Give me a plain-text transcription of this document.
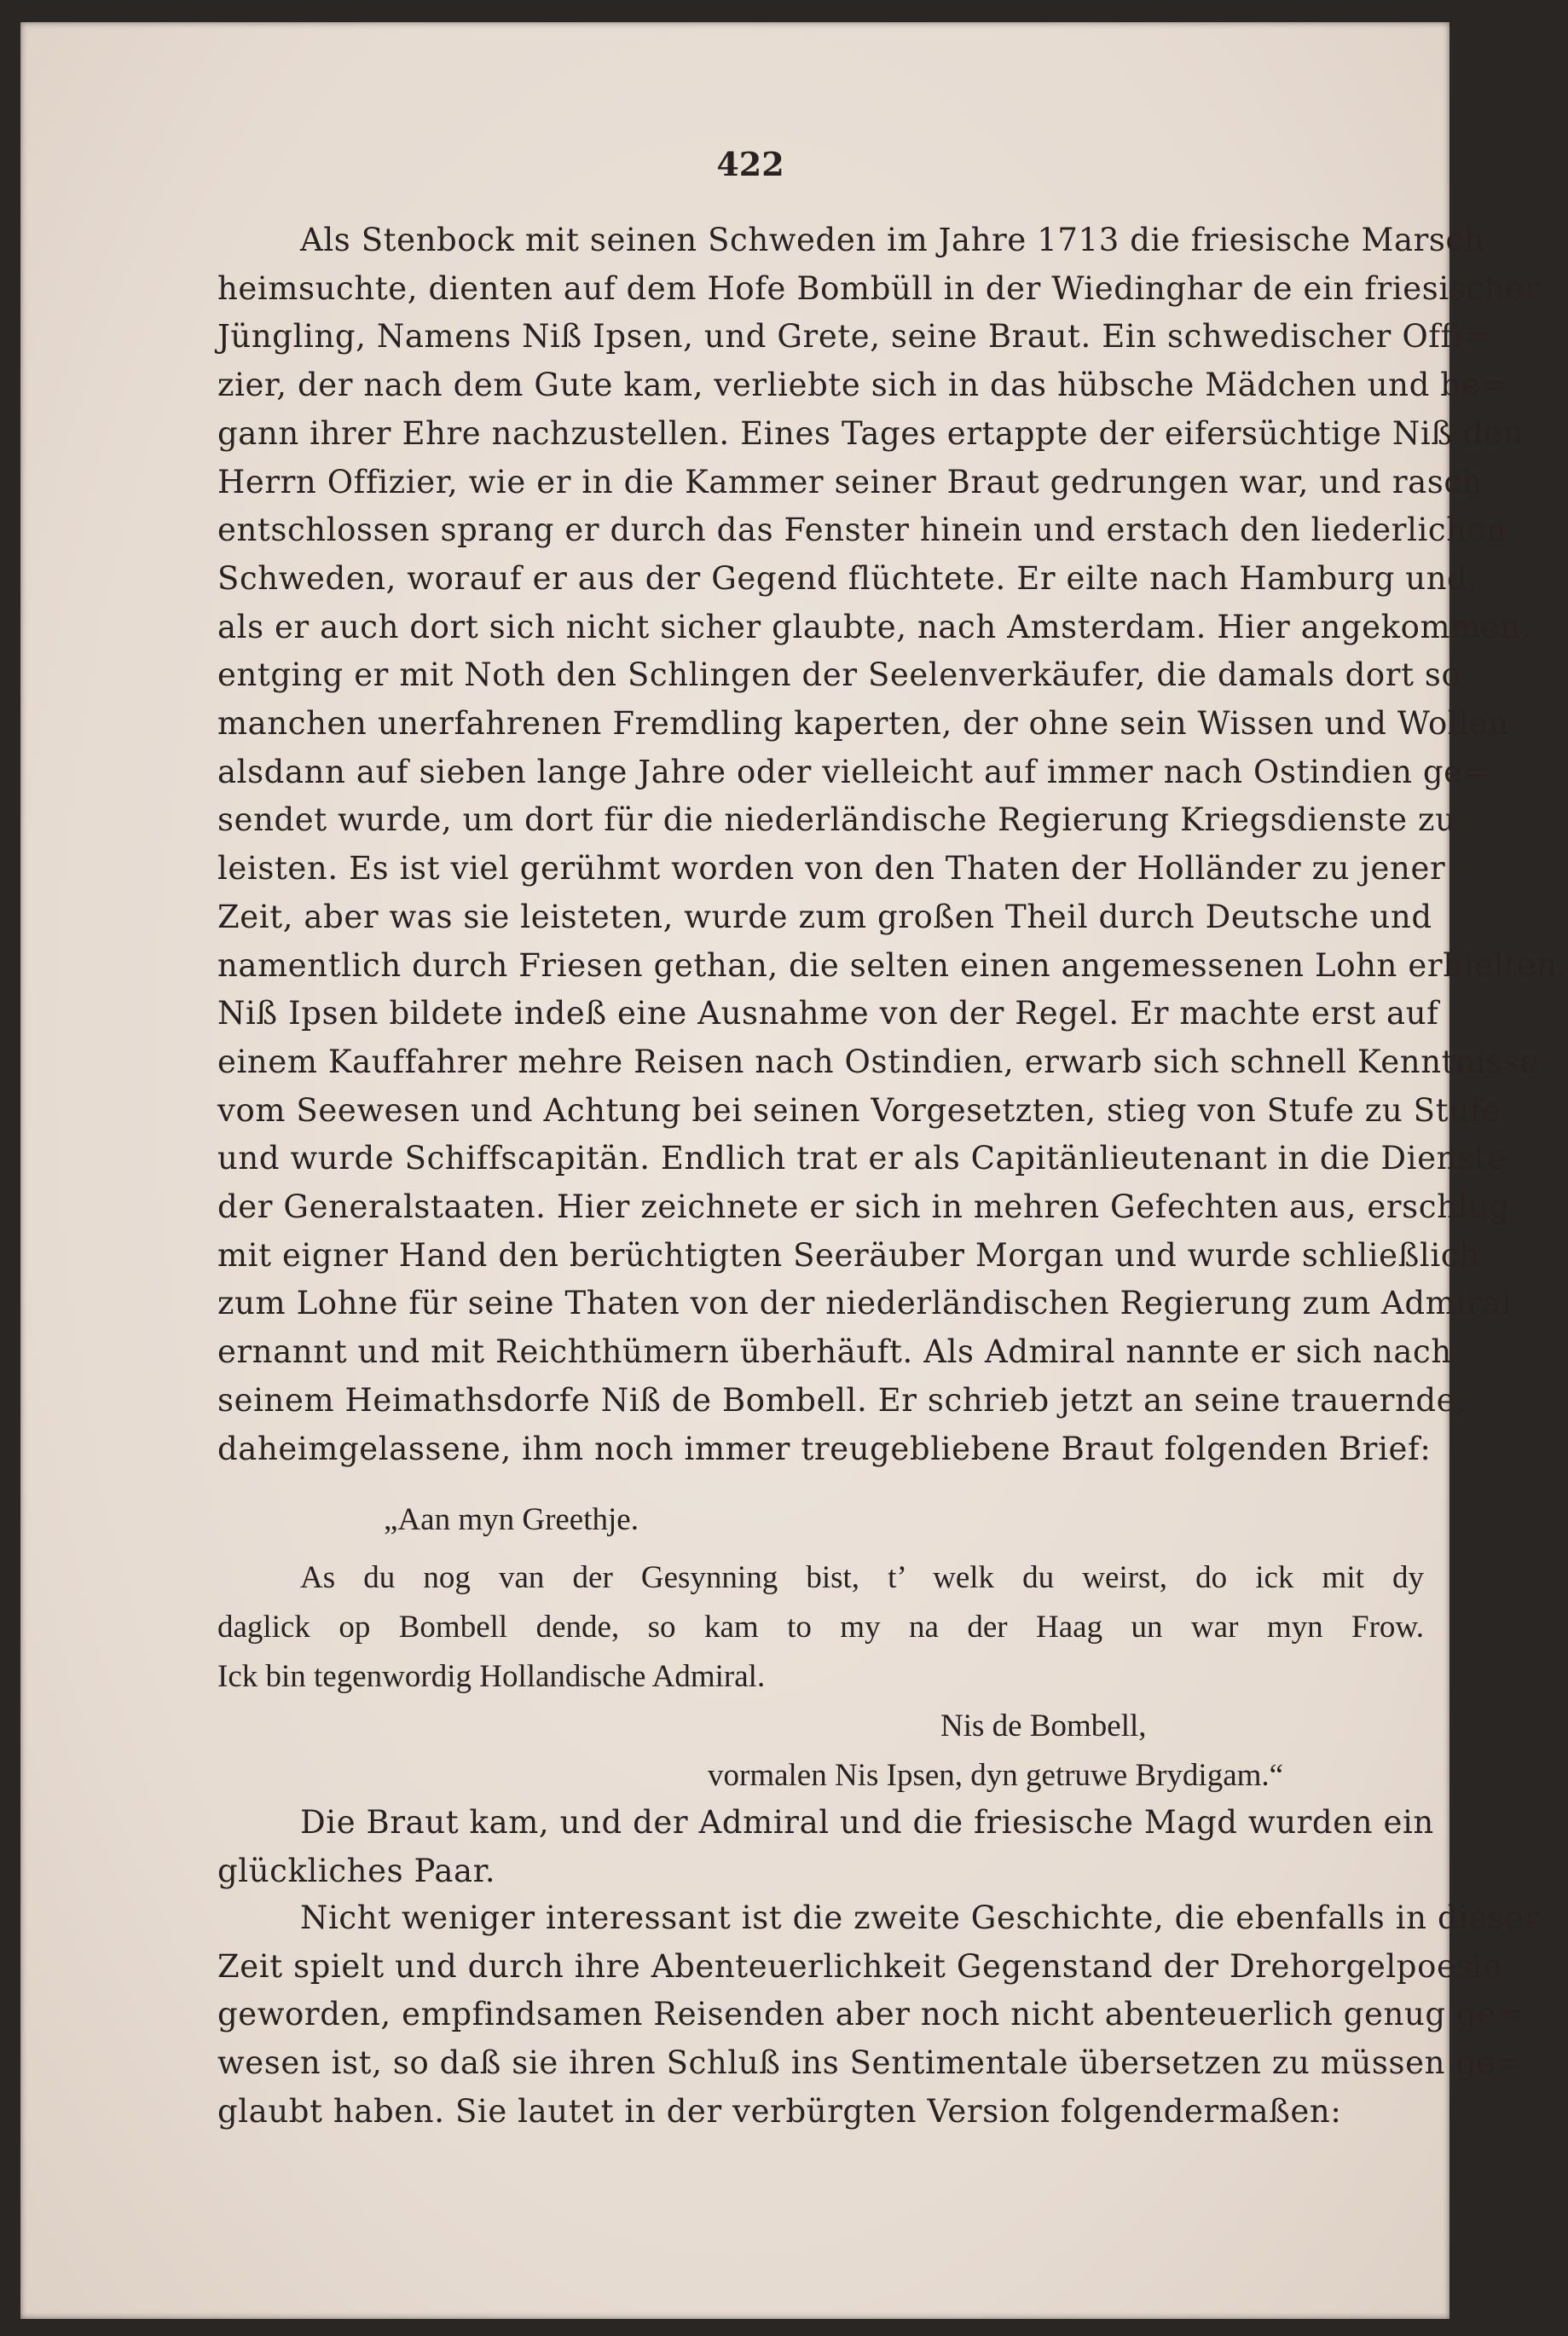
422
Als Stenbock mit seinen Schweden im Jahre 1713 die friesische Marsch
heimsuchte, dienten auf dem Hofe Bombüll in der Wiedinghar de ein friesischer
Jüngling, Namens Niß Ipsen, und Grete, seine Braut. Ein schwedischer Offi=
zier, der nach dem Gute kam, verliebte sich in das hübsche Mädchen und be=
gann ihrer Ehre nachzustellen. Eines Tages ertappte der eifersüchtige Niß den
Herrn Offizier, wie er in die Kammer seiner Braut gedrungen war, und rasch
entschlossen sprang er durch das Fenster hinein und erstach den liederlichen
Schweden, worauf er aus der Gegend flüchtete. Er eilte nach Hamburg und,
als er auch dort sich nicht sicher glaubte, nach Amsterdam. Hier angekommen,
entging er mit Noth den Schlingen der Seelenverkäufer, die damals dort so
manchen unerfahrenen Fremdling kaperten, der ohne sein Wissen und Wollen
alsdann auf sieben lange Jahre oder vielleicht auf immer nach Ostindien ge=
sendet wurde, um dort für die niederländische Regierung Kriegsdienste zu
leisten. Es ist viel gerühmt worden von den Thaten der Holländer zu jener
Zeit, aber was sie leisteten, wurde zum großen Theil durch Deutsche und
namentlich durch Friesen gethan, die selten einen angemessenen Lohn erhielten.
Niß Ipsen bildete indeß eine Ausnahme von der Regel. Er machte erst auf
einem Kauffahrer mehre Reisen nach Ostindien, erwarb sich schnell Kenntnisse
vom Seewesen und Achtung bei seinen Vorgesetzten, stieg von Stufe zu Stufe
und wurde Schiffscapitän. Endlich trat er als Capitänlieutenant in die Dienste
der Generalstaaten. Hier zeichnete er sich in mehren Gefechten aus, erschlug
mit eigner Hand den berüchtigten Seeräuber Morgan und wurde schließlich
zum Lohne für seine Thaten von der niederländischen Regierung zum Admiral
ernannt und mit Reichthümern überhäuft. Als Admiral nannte er sich nach
seinem Heimathsdorfe Niß de Bombell. Er schrieb jetzt an seine trauernde,
daheimgelassene, ihm noch immer treugebliebene Braut folgenden Brief:
„Aan myn Greethje.
As du nog van der Gesynning bist, t’ welk du weirst, do ick mit dy
daglick op Bombell dende, so kam to my na der Haag un war myn Frow.
Ick bin tegenwordig Hollandische Admiral.
Nis de Bombell,
vormalen Nis Ipsen, dyn getruwe Brydigam.“
Die Braut kam, und der Admiral und die friesische Magd wurden ein
glückliches Paar.
Nicht weniger interessant ist die zweite Geschichte, die ebenfalls in dieser
Zeit spielt und durch ihre Abenteuerlichkeit Gegenstand der Drehorgelpoesie
geworden, empfindsamen Reisenden aber noch nicht abenteuerlich genug ge=
wesen ist, so daß sie ihren Schluß ins Sentimentale übersetzen zu müssen ge=
glaubt haben. Sie lautet in der verbürgten Version folgendermaßen:
